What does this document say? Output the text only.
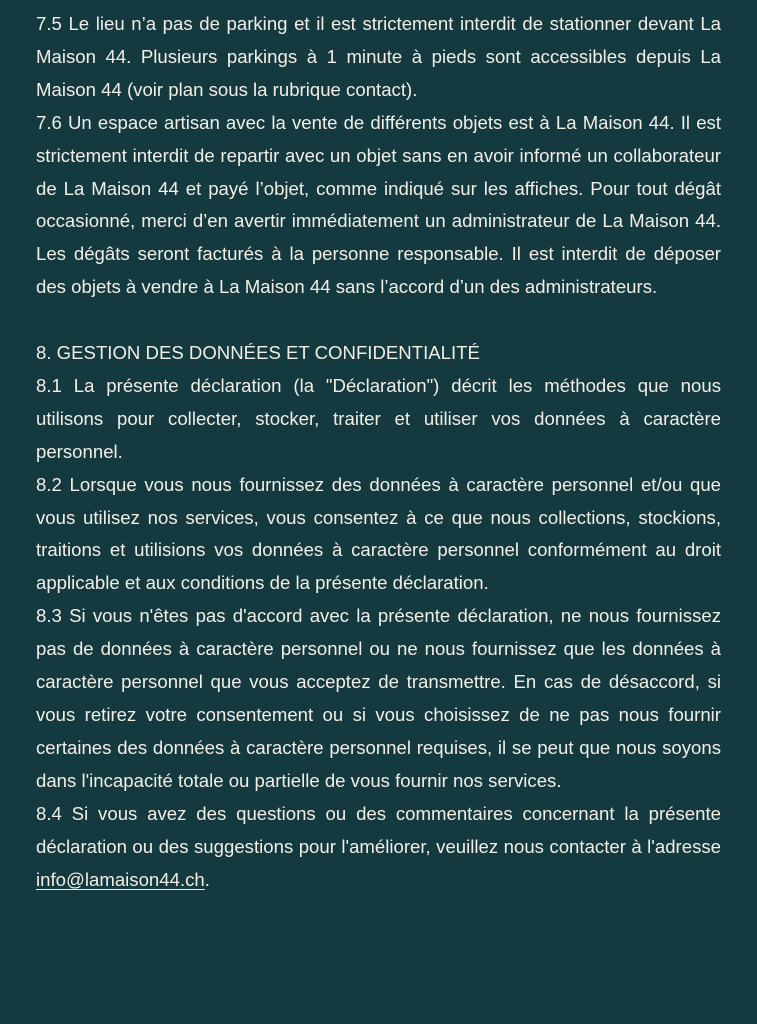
7.5 Le lieu n’a pas de parking et il est strictement interdit de stationner devant La Maison 44. Plusieurs parkings à 1 minute à pieds sont accessibles depuis La Maison 44 (voir plan sous la rubrique contact).

7.6 Un espace artisan avec la vente de différents objets est à La Maison 44. Il est strictement interdit de repartir avec un objet sans en avoir informé un collaborateur de La Maison 44 et payé l’objet, comme indiqué sur les affiches. Pour tout dégât occasionné, merci d’en avertir immédiatement un administrateur de La Maison 44. Les dégâts seront facturés à la personne responsable. Il est interdit de déposer des objets à vendre à La Maison 44 sans l’accord d’un des administrateurs.

8. GESTION DES DONNÉES ET CONFIDENTIALITÉ

8.1 La présente déclaration (la "Déclaration") décrit les méthodes que nous utilisons pour collecter, stocker, traiter et utiliser vos données à caractère personnel.

8.2 Lorsque vous nous fournissez des données à caractère personnel et/ou que vous utilisez nos services, vous consentez à ce que nous collections, stockions, traitions et utilisions vos données à caractère personnel conformément au droit applicable et aux conditions de la présente déclaration.

8.3 Si vous n'êtes pas d'accord avec la présente déclaration, ne nous fournissez pas de données à caractère personnel ou ne nous fournissez que les données à caractère personnel que vous acceptez de transmettre. En cas de désaccord, si vous retirez votre consentement ou si vous choisissez de ne pas nous fournir certaines des données à caractère personnel requises, il se peut que nous soyons dans l'incapacité totale ou partielle de vous fournir nos services.

8.4 Si vous avez des questions ou des commentaires concernant la présente déclaration ou des suggestions pour l'améliorer, veuillez nous contacter à l'adresse info@lamaison44.ch.
